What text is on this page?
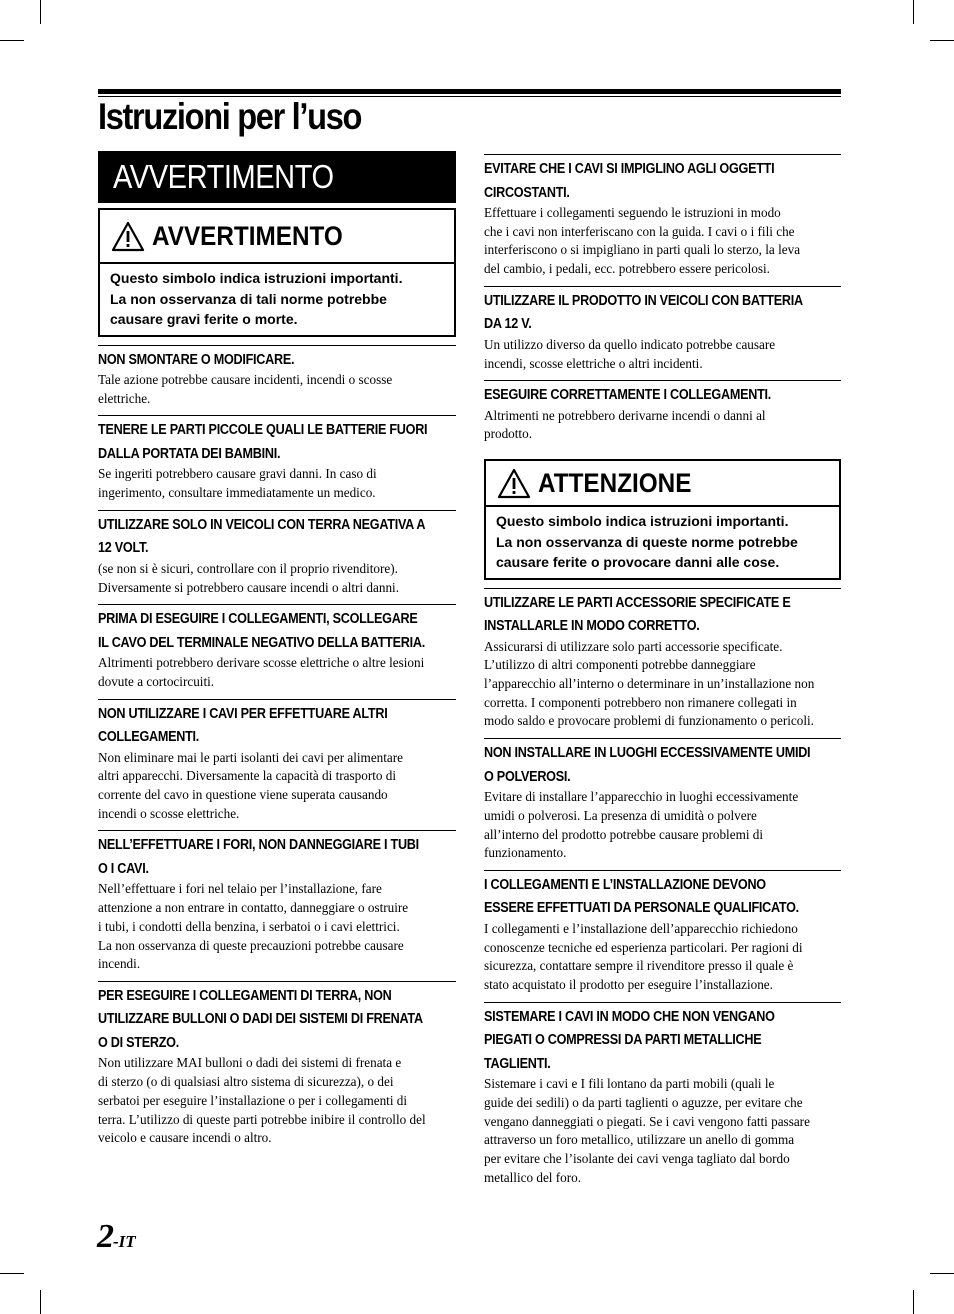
Istruzioni per l’uso
AVVERTIMENTO
AVVERTIMENTO
Questo simbolo indica istruzioni importanti.
La non osservanza di tali norme potrebbe
causare gravi ferite o morte.
NON SMONTARE O MODIFICARE.

Tale azione potrebbe causare incidenti, incendi o scosse
elettriche.

TENERE LE PARTI PICCOLE QUALI LE BATTERIE FUORI
DALLA PORTATA DEI BAMBINI.

Se ingeriti potrebbero causare gravi danni. In caso di
ingerimento, consultare immediatamente un medico.

UTILIZZARE SOLO IN VEICOLI CON TERRA NEGATIVA A
12 VOLT.

(se non si è sicuri, controllare con il proprio rivenditore).
Diversamente si potrebbero causare incendi o altri danni.

PRIMA DI ESEGUIRE I COLLEGAMENTI, SCOLLEGARE
IL CAVO DEL TERMINALE NEGATIVO DELLA BATTERIA.

Altrimenti potrebbero derivare scosse elettriche o altre lesioni
dovute a cortocircuiti.

NON UTILIZZARE I CAVI PER EFFETTUARE ALTRI
COLLEGAMENTI.

Non eliminare mai le parti isolanti dei cavi per alimentare
altri apparecchi. Diversamente la capacità di trasporto di
corrente del cavo in questione viene superata causando
incendi o scosse elettriche.

NELL’EFFETTUARE I FORI, NON DANNEGGIARE I TUBI
O I CAVI.

Nell’effettuare i fori nel telaio per l’installazione, fare
attenzione a non entrare in contatto, danneggiare o ostruire
i tubi, i condotti della benzina, i serbatoi o i cavi elettrici.
La non osservanza di queste precauzioni potrebbe causare
incendi.

PER ESEGUIRE I COLLEGAMENTI DI TERRA, NON
UTILIZZARE BULLONI O DADI DEI SISTEMI DI FRENATA
O DI STERZO.

Non utilizzare MAI bulloni o dadi dei sistemi di frenata e
di sterzo (o di qualsiasi altro sistema di sicurezza), o dei
serbatoi per eseguire l’installazione o per i collegamenti di
terra. L’utilizzo di queste parti potrebbe inibire il controllo del
veicolo e causare incendi o altro.

EVITARE CHE I CAVI SI IMPIGLINO AGLI OGGETTI
CIRCOSTANTI.

Effettuare i collegamenti seguendo le istruzioni in modo
che i cavi non interferiscano con la guida. I cavi o i fili che
interferiscono o si impigliano in parti quali lo sterzo, la leva
del cambio, i pedali, ecc. potrebbero essere pericolosi.

UTILIZZARE IL PRODOTTO IN VEICOLI CON BATTERIA
DA 12 V.

Un utilizzo diverso da quello indicato potrebbe causare
incendi, scosse elettriche o altri incidenti.

ESEGUIRE CORRETTAMENTE I COLLEGAMENTI.

Altrimenti ne potrebbero derivarne incendi o danni al
prodotto.

ATTENZIONE
Questo simbolo indica istruzioni importanti.
La non osservanza di queste norme potrebbe
causare ferite o provocare danni alle cose.
UTILIZZARE LE PARTI ACCESSORIE SPECIFICATE E
INSTALLARLE IN MODO CORRETTO.

Assicurarsi di utilizzare solo parti accessorie specificate.
L’utilizzo di altri componenti potrebbe danneggiare
l’apparecchio all’interno o determinare in un’installazione non
corretta. I componenti potrebbero non rimanere collegati in
modo saldo e provocare problemi di funzionamento o pericoli.

NON INSTALLARE IN LUOGHI ECCESSIVAMENTE UMIDI
O POLVEROSI.

Evitare di installare l’apparecchio in luoghi eccessivamente
umidi o polverosi. La presenza di umidità o polvere
all’interno del prodotto potrebbe causare problemi di
funzionamento.

I COLLEGAMENTI E L’INSTALLAZIONE DEVONO
ESSERE EFFETTUATI DA PERSONALE QUALIFICATO.

I collegamenti e l’installazione dell’apparecchio richiedono
conoscenze tecniche ed esperienza particolari. Per ragioni di
sicurezza, contattare sempre il rivenditore presso il quale è
stato acquistato il prodotto per eseguire l’installazione.

SISTEMARE I CAVI IN MODO CHE NON VENGANO
PIEGATI O COMPRESSI DA PARTI METALLICHE
TAGLIENTI.

Sistemare i cavi e I fili lontano da parti mobili (quali le
guide dei sedili) o da parti taglienti o aguzze, per evitare che
vengano danneggiati o piegati. Se i cavi vengono fatti passare
attraverso un foro metallico, utilizzare un anello di gomma
per evitare che l’isolante dei cavi venga tagliato dal bordo
metallico del foro.

2-IT
